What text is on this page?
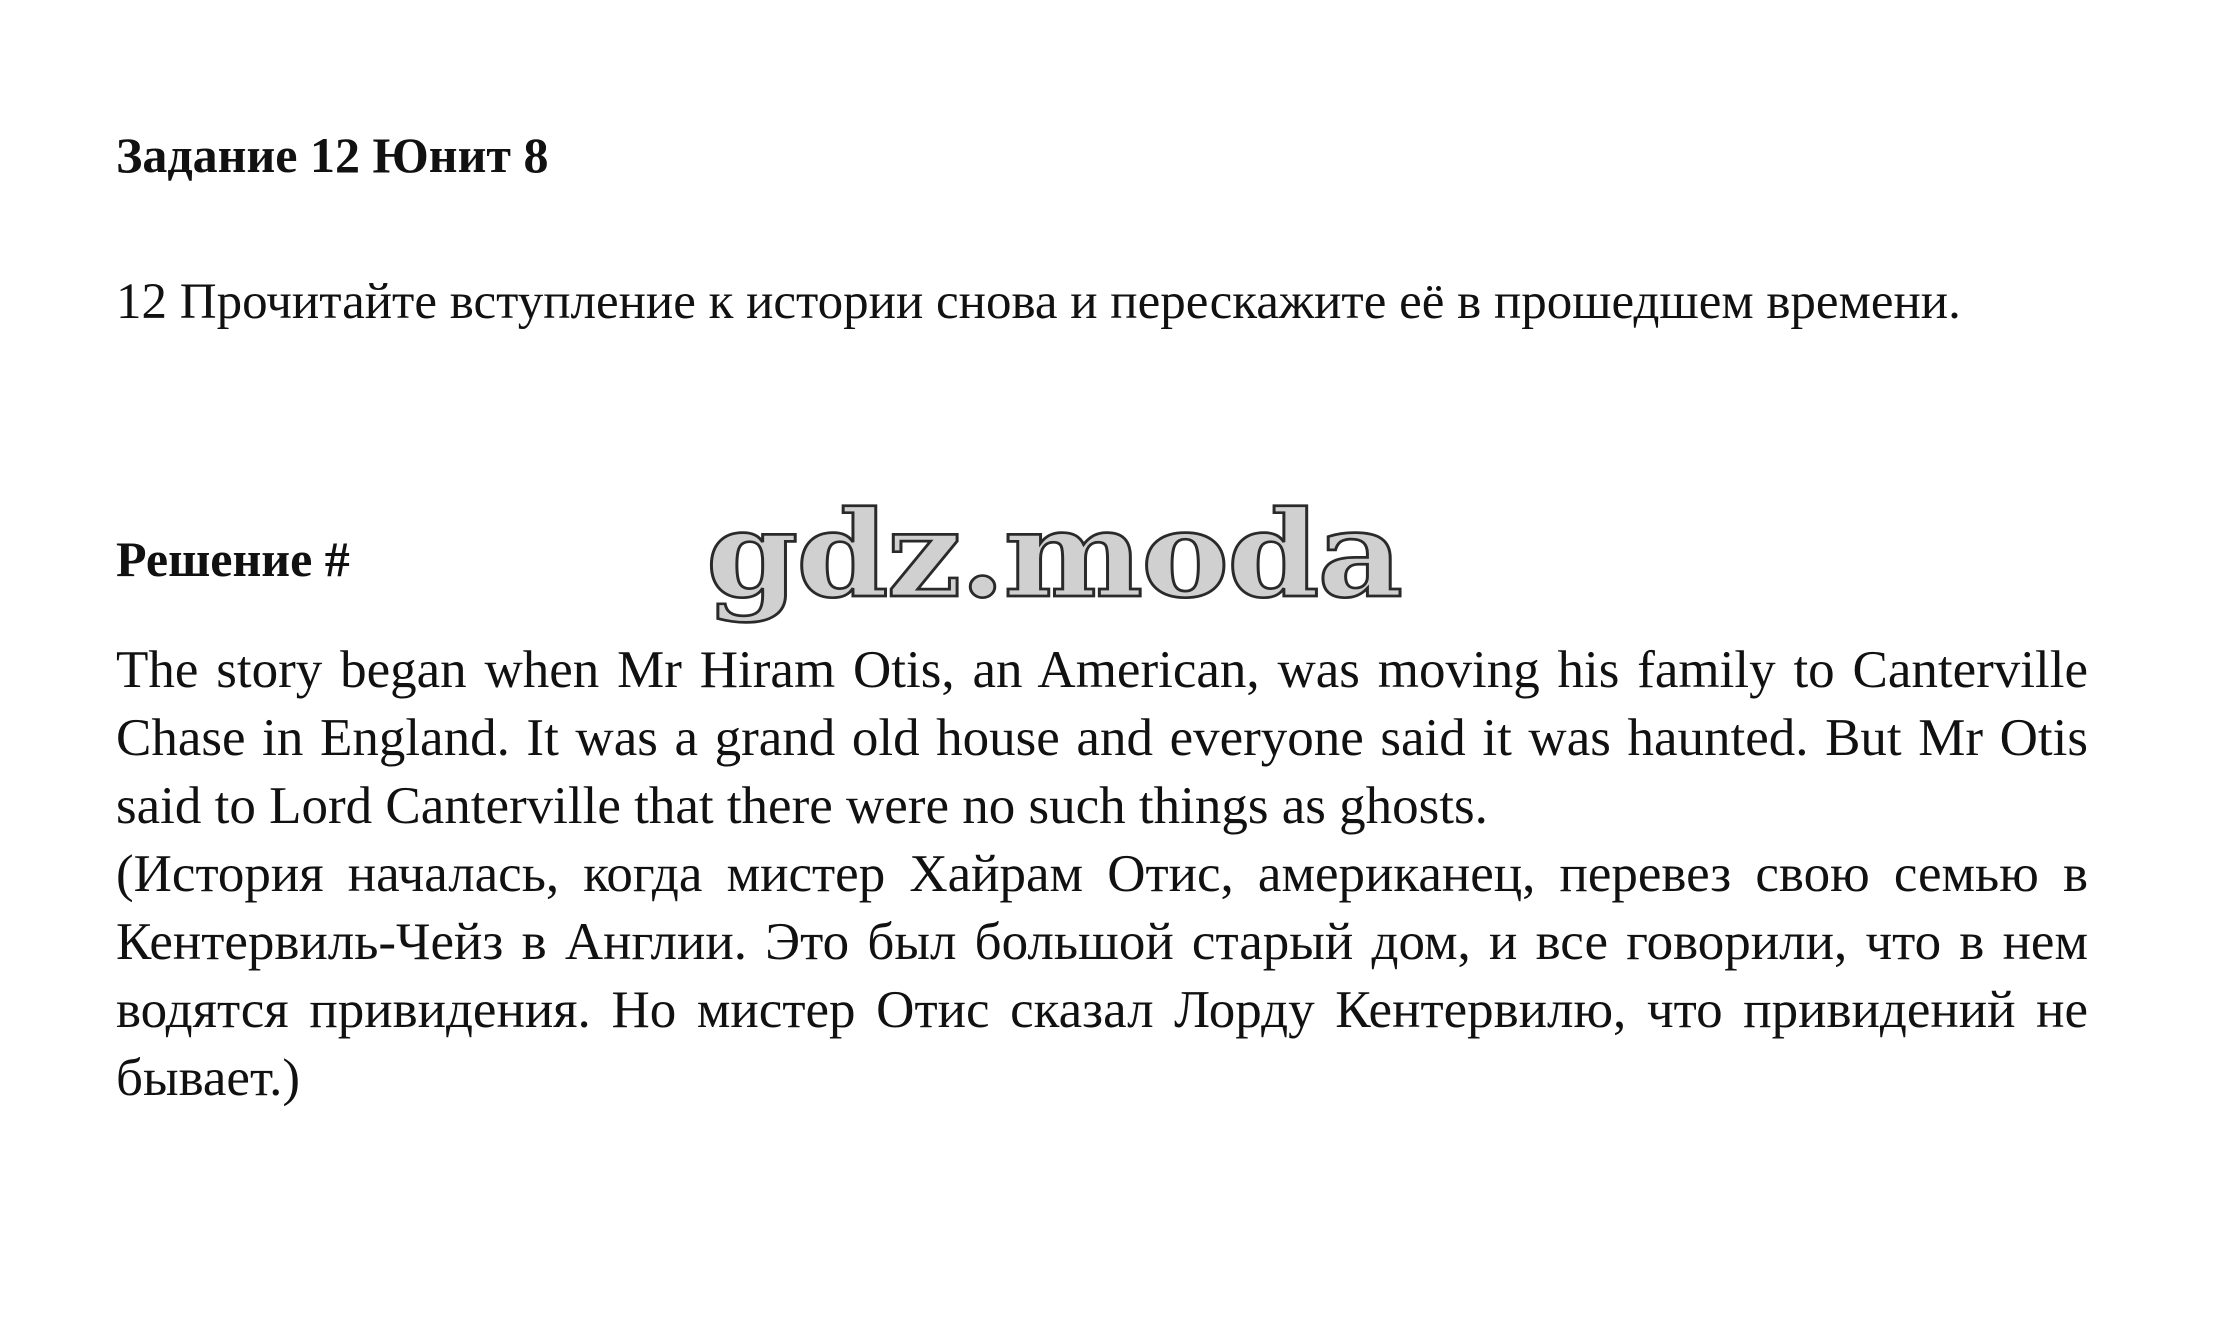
Задание 12 Юнит 8
12 Прочитайте вступление к истории снова и перескажите её в прошедшем времени.
Решение #	gdz.moda

The story began when Mr Hiram Otis, an American, was moving his family to Canterville Chase in England. It was a grand old house and everyone said it was haunted. But Mr Otis said to Lord Canterville that there were no such things as ghosts.

(История началась, когда мистер Хайрам Отис, американец, перевез свою семью в Кентервиль-Чейз в Англии. Это был большой старый дом, и все говорили, что в нем водятся привидения. Но мистер Отис сказал Лорду Кентервилю, что привидений не бывает.)
